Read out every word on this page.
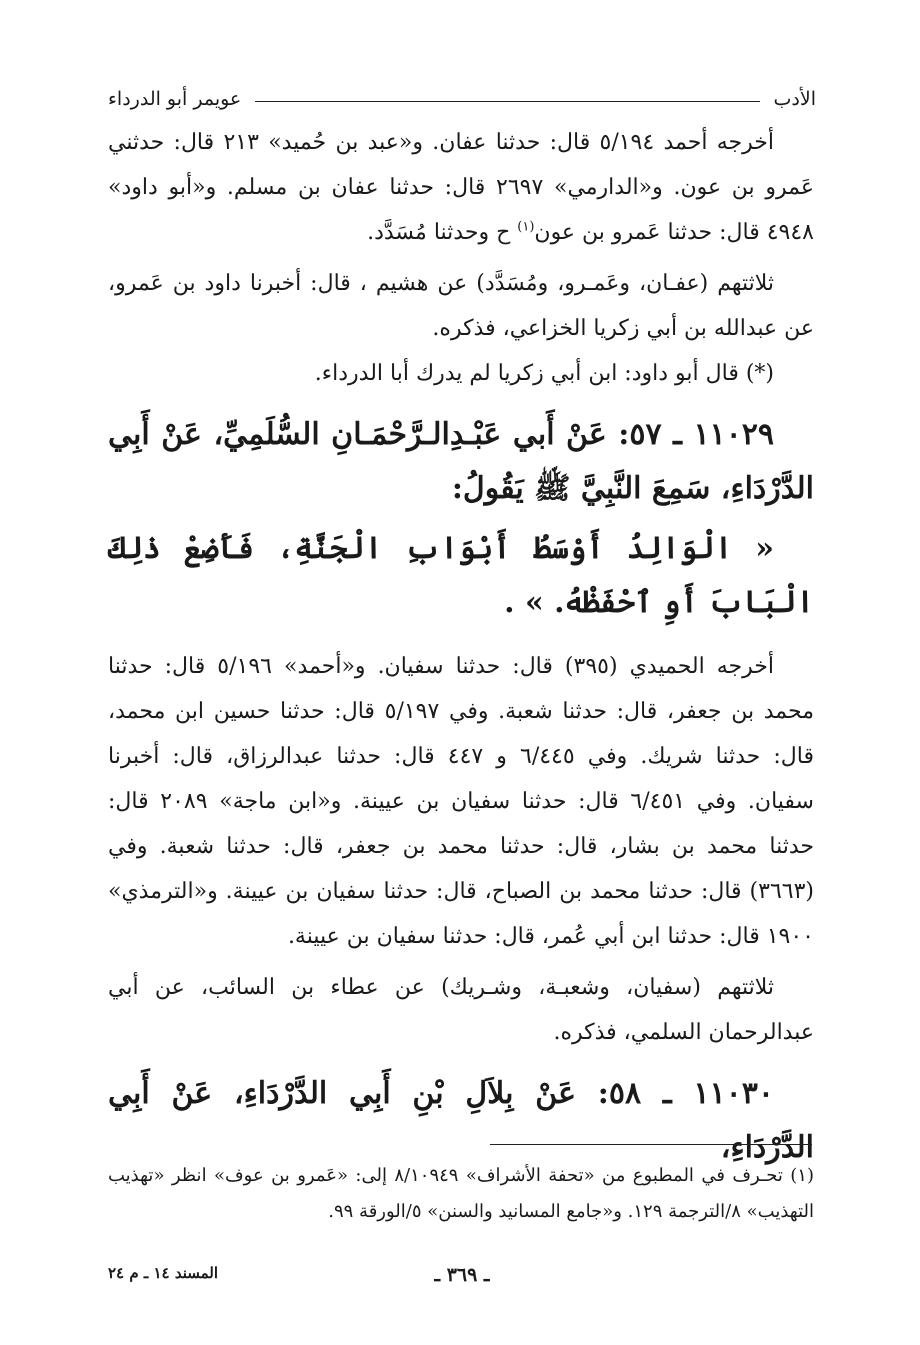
الأدب
عويمر أبو الدرداء

أخرجه أحمد ٥/١٩٤ قال: حدثنا عفان. و«عبد بن حُميد» ٢١٣ قال: حدثني عَمرو بن عون. و«الدارمي» ٢٦٩٧ قال: حدثنا عفان بن مسلم. و«أبو داود» ٤٩٤٨ قال: حدثنا عَمرو بن عون$^{(١)}$ ح وحدثنا مُسَدَّد.

ثلاثتهم (عفـان، وعَمـرو، ومُسَدَّد) عن هشيم ، قال: أخبرنا داود بن عَمرو، عن عبدالله بن أبي زكريا الخزاعي، فذكره.

(*) قال أبو داود: ابن أبي زكريا لم يدرك أبا الدرداء.

١١٠٢٩ ـ ٥٧: عَنْ أَبي عَبْـدِالـرَّحْمَـانِ السُّلَمِيِّ، عَنْ أَبِي الدَّرْدَاءِ، سَمِعَ النَّبِيَّ ﷺ يَقُولُ:

« الْوَالِدُ أَوْسَطُ أَبْوَابِ الْجَنَّةِ، فَأَضِعْ ذٰلِكَ الْبَابَ أَوِ ٱحْفَظْهُ. » .

أخرجه الحميدي (٣٩٥) قال: حدثنا سفيان. و«أحمد» ٥/١٩٦ قال: حدثنا محمد بن جعفر، قال: حدثنا شعبة. وفي ٥/١٩٧ قال: حدثنا حسين ابن محمد، قال: حدثنا شريك. وفي ٦/٤٤٥ و ٤٤٧ قال: حدثنا عبدالرزاق، قال: أخبرنا سفيان. وفي ٦/٤٥١ قال: حدثنا سفيان بن عيينة. و«ابن ماجة» ٢٠٨٩ قال: حدثنا محمد بن بشار، قال: حدثنا محمد بن جعفر، قال: حدثنا شعبة. وفي (٣٦٦٣) قال: حدثنا محمد بن الصباح، قال: حدثنا سفيان بن عيينة. و«الترمذي» ١٩٠٠ قال: حدثنا ابن أبي عُمر، قال: حدثنا سفيان بن عيينة.

ثلاثتهم (سفيان، وشعبـة، وشـريك) عن عطاء بن السائب، عن أبي عبدالرحمان السلمي، فذكره.

١١٠٣٠ ـ ٥٨: عَنْ بِلاَلِ بْنِ أَبِي الدَّرْدَاءِ، عَنْ أَبِي الدَّرْدَاءِ،

(١) تحـرف في المطبوع من «تحفة الأشراف» ٨/١٠٩٤٩ إلى: «عَمرو بن عوف» انظر «تهذيب التهذيب» ٨/الترجمة ١٢٩. و«جامع المسانيد والسنن» ٥/الورقة ٩٩.

ـ ٣٦٩ ـ
المسند ١٤ ـ م ٢٤
